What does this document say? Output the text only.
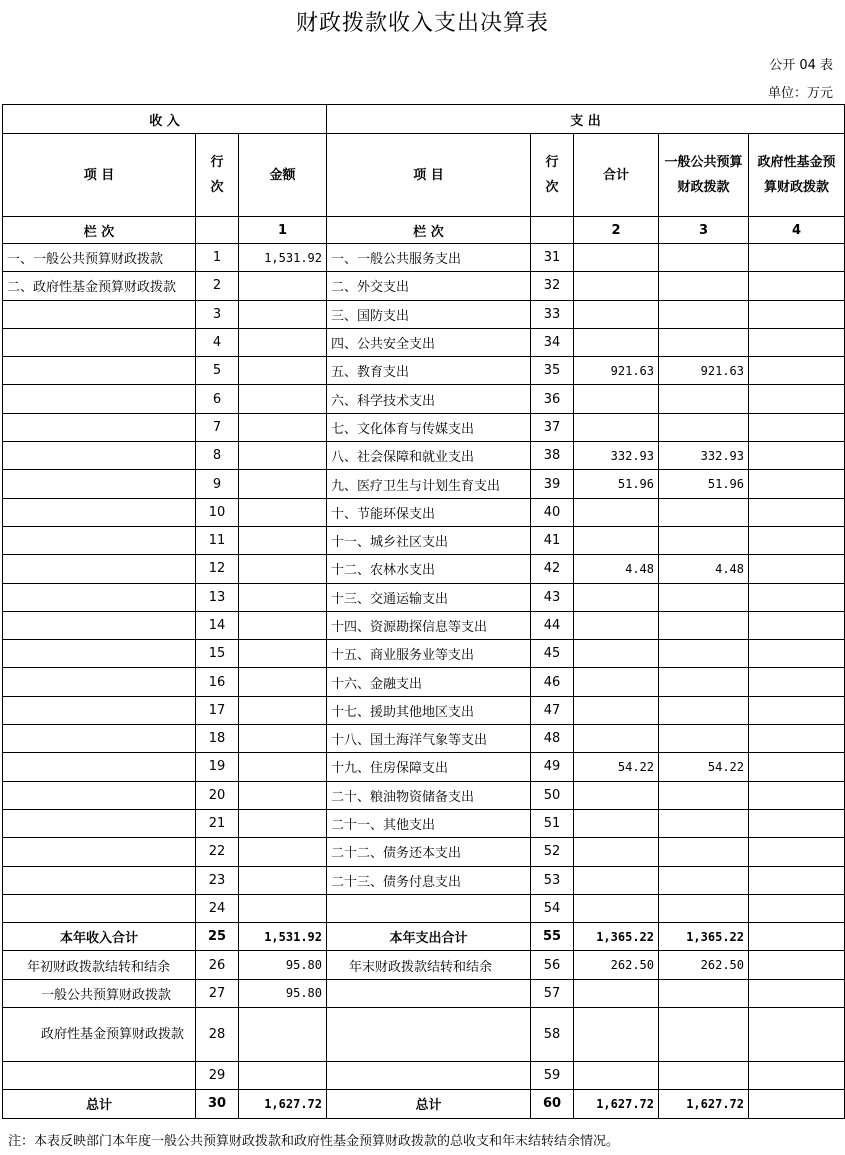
财政拨款收入支出决算表
公开 04 表
单位：万元
收 入			支 出				
项 目	行次	金额	项 目	行次	合计	一般公共预算财政拨款	政府性基金预算财政拨款
栏 次		1	栏 次		2	3	4
一、一般公共预算财政拨款	1	1,531.92	一、一般公共服务支出	31			
二、政府性基金预算财政拨款	2		二、外交支出	32			
	3		三、国防支出	33			
	4		四、公共安全支出	34			
	5		五、教育支出	35	921.63	921.63	
	6		六、科学技术支出	36			
	7		七、文化体育与传媒支出	37			
	8		八、社会保障和就业支出	38	332.93	332.93	
	9		九、医疗卫生与计划生育支出	39	51.96	51.96	
	10		十、节能环保支出	40			
	11		十一、城乡社区支出	41			
	12		十二、农林水支出	42	4.48	4.48	
	13		十三、交通运输支出	43			
	14		十四、资源勘探信息等支出	44			
	15		十五、商业服务业等支出	45			
	16		十六、金融支出	46			
	17		十七、援助其他地区支出	47			
	18		十八、国土海洋气象等支出	48			
	19		十九、住房保障支出	49	54.22	54.22	
	20		二十、粮油物资储备支出	50			
	21		二十一、其他支出	51			
	22		二十二、债务还本支出	52			
	23		二十三、债务付息支出	53			
	24			54			
本年收入合计	25	1,531.92	本年支出合计	55	1,365.22	1,365.22	
年初财政拨款结转和结余	26	95.80	年末财政拨款结转和结余	56	262.50	262.50	
一般公共预算财政拨款	27	95.80		57			
政府性基金预算财政拨款	28			58			
	29			59			
总计	30	1,627.72	总计	60	1,627.72	1,627.72	
注：本表反映部门本年度一般公共预算财政拨款和政府性基金预算财政拨款的总收支和年末结转结余情况。
